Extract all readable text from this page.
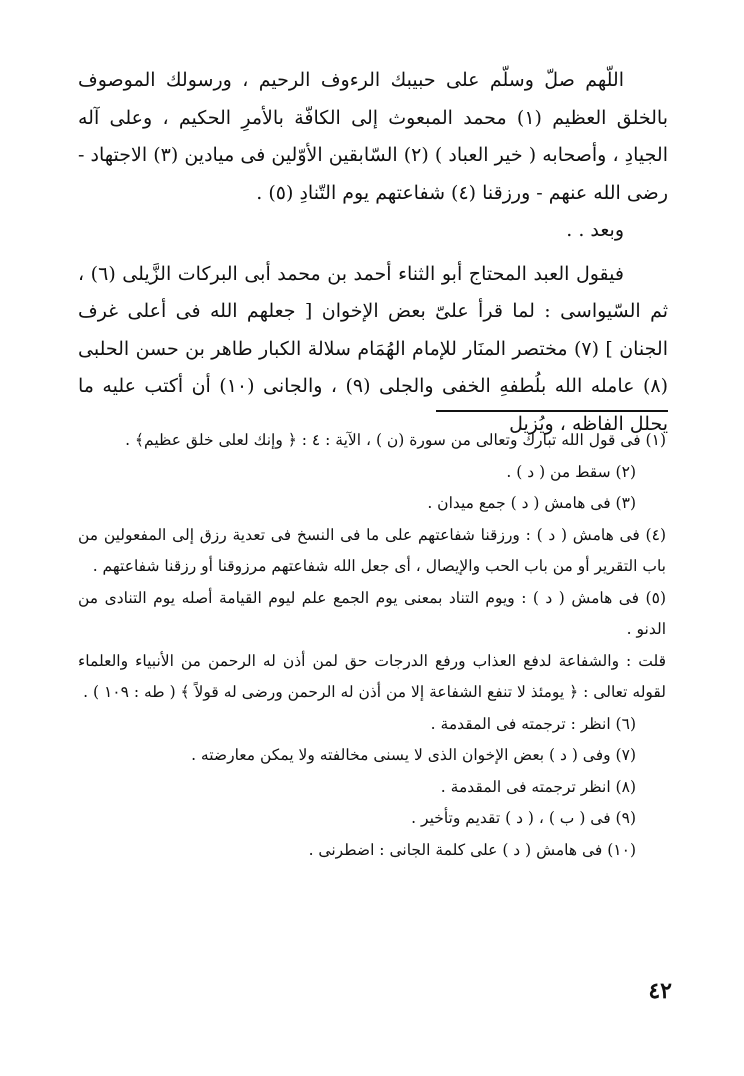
اللّهم صلّ وسلّم على حبيبك الرءوف الرحيم ، ورسولك الموصوف بالخلق العظيم (١) محمد المبعوث إلى الكافّة بالأمرِ الحكيم ، وعلى آله الجيادِ ، وأصحابه ( خير العباد ) (٢) السّابقين الأوّلين فى ميادين (٣) الاجتهاد - رضى الله عنهم - ورزقنا (٤) شفاعتهم يوم التّنادِ (٥) .

وبعد . .

فيقول العبد المحتاج أبو الثناء أحمد بن محمد أبى البركات الزَّيلى (٦) ، ثم السّيواسى : لما قرأ علىّ بعض الإخوان [ جعلهم الله فى أعلى غرف الجنان ] (٧) مختصر المنَار للإمام الهُمَام سلالة الكبار طاهر بن حسن الحلبى (٨) عامله الله بلُطفهِ الخفى والجلى (٩) ، والجانى (١٠) أن أكتب عليه ما يحلل الفاظه ، ويُزيل

(١) فى قول الله تبارك وتعالى من سورة (ن ) ، الآية : ٤ : ﴿ وإنك لعلى خلق عظيم﴾ .

(٢) سقط من ( د ) .

(٣) فى هامش ( د ) جمع ميدان .

(٤) فى هامش ( د ) : ورزقنا شفاعتهم على ما فى النسخ فى تعدية رزق إلى المفعولين من باب التقرير أو من باب الحب والإيصال ، أى جعل الله شفاعتهم مرزوقنا أو رزقنا شفاعتهم .

(٥) فى هامش ( د ) : ويوم التناد بمعنى يوم الجمع علم ليوم القيامة أصله يوم التنادى من الدنو .

قلت : والشفاعة لدفع العذاب ورفع الدرجات حق لمن أذن له الرحمن من الأنبياء والعلماء لقوله تعالى : ﴿ يومئذ لا تنفع الشفاعة إلا من أذن له الرحمن ورضى له قولاً ﴾ ( طه : ١٠٩ ) .

(٦) انظر : ترجمته فى المقدمة .

(٧) وفى ( د ) بعض الإخوان الذى لا يسنى مخالفته ولا يمكن معارضته .

(٨) انظر ترجمته فى المقدمة .

(٩) فى ( ب ) ، ( د ) تقديم وتأخير .

(١٠) فى هامش ( د ) على كلمة الجانى : اضطرنى .

٤٢
